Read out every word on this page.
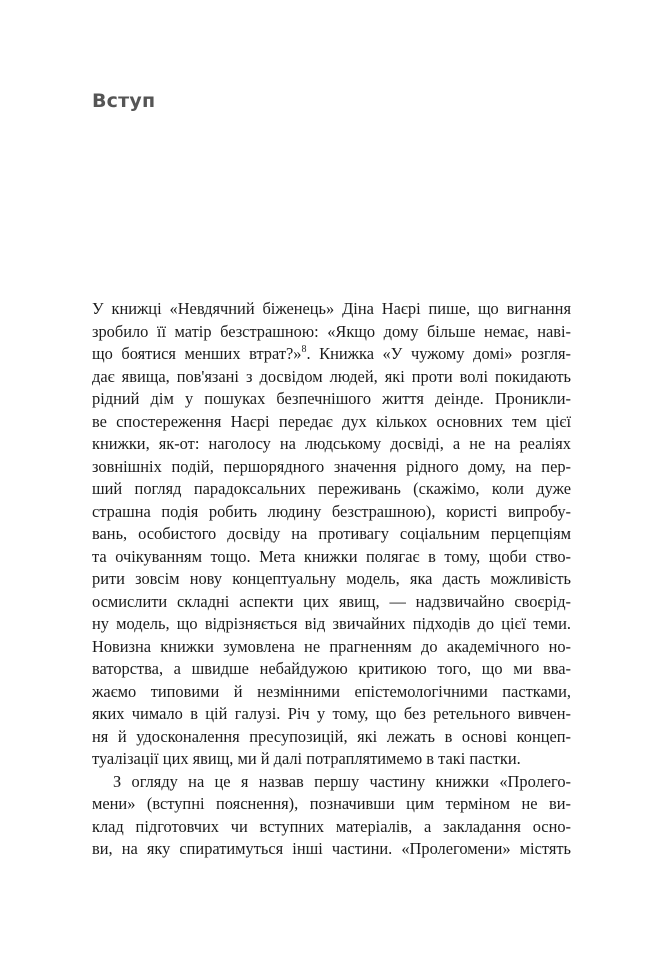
Вступ
У книжці «Невдячний біженець» Діна Наєрі пише, що вигнання
зробило її матір безстрашною: «Якщо дому більше немає, наві-
що боятися менших втрат?»$^8$. Книжка «У чужому домі» розгля-
дає явища, пов'язані з досвідом людей, які проти волі покидають
рідний дім у пошуках безпечнішого життя деінде. Проникли-
ве спостереження Наєрі передає дух кількох основних тем цієї
книжки, як-от: наголосу на людському досвіді, а не на реаліях
зовнішніх подій, першорядного значення рідного дому, на пер-
ший погляд парадоксальних переживань (скажімо, коли дуже
страшна подія робить людину безстрашною), користі випробу-
вань, особистого досвіду на противагу соціальним перцепціям
та очікуванням тощо. Мета книжки полягає в тому, щоби ство-
рити зовсім нову концептуальну модель, яка дасть можливість
осмислити складні аспекти цих явищ, — надзвичайно своєрід-
ну модель, що відрізняється від звичайних підходів до цієї теми.
Новизна книжки зумовлена не прагненням до академічного но-
ваторства, а швидше небайдужою критикою того, що ми вва-
жаємо типовими й незмінними епістемологічними пастками,
яких чимало в цій галузі. Річ у тому, що без ретельного вивчен-
ня й удосконалення пресупозицій, які лежать в основі концеп-
туалізації цих явищ, ми й далі потраплятимемо в такі пастки.
З огляду на це я назвав першу частину книжки «Пролего-
мени» (вступні пояснення), позначивши цим терміном не ви-
клад підготовчих чи вступних матеріалів, а закладання осно-
ви, на яку спиратимуться інші частини. «Пролегомени» містять
